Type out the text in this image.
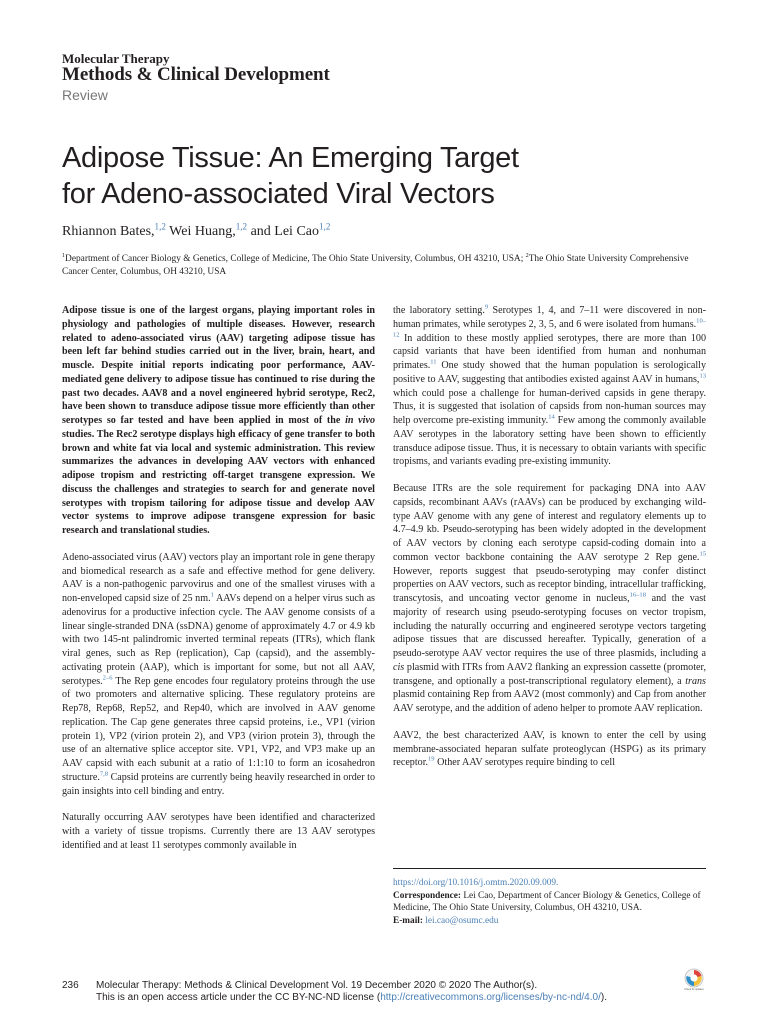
Molecular Therapy
Methods & Clinical Development
Review
Adipose Tissue: An Emerging Target
for Adeno-associated Viral Vectors
Rhiannon Bates,$^{1,2}$ Wei Huang,$^{1,2}$ and Lei Cao$^{1,2}$
$^1$Department of Cancer Biology & Genetics, College of Medicine, The Ohio State University, Columbus, OH 43210, USA; $^2$The Ohio State University Comprehensive Cancer Center, Columbus, OH 43210, USA

Adipose tissue is one of the largest organs, playing important roles in physiology and pathologies of multiple diseases. However, research related to adeno-associated virus (AAV) targeting adipose tissue has been left far behind studies carried out in the liver, brain, heart, and muscle. Despite initial reports indicating poor performance, AAV-mediated gene delivery to adipose tissue has continued to rise during the past two decades. AAV8 and a novel engineered hybrid serotype, Rec2, have been shown to transduce adipose tissue more efficiently than other serotypes so far tested and have been applied in most of the in vivo studies. The Rec2 serotype displays high efficacy of gene transfer to both brown and white fat via local and systemic administration. This review summarizes the advances in developing AAV vectors with enhanced adipose tropism and restricting off-target transgene expression. We discuss the challenges and strategies to search for and generate novel serotypes with tropism tailoring for adipose tissue and develop AAV vector systems to improve adipose transgene expression for basic research and translational studies.

Adeno-associated virus (AAV) vectors play an important role in gene therapy and biomedical research as a safe and effective method for gene delivery. AAV is a non-pathogenic parvovirus and one of the smallest viruses with a non-enveloped capsid size of 25 nm.$^1$ AAVs depend on a helper virus such as adenovirus for a productive infection cycle. The AAV genome consists of a linear single-stranded DNA (ssDNA) genome of approximately 4.7 or 4.9 kb with two 145-nt palindromic inverted terminal repeats (ITRs), which flank viral genes, such as Rep (replication), Cap (capsid), and the assembly-activating protein (AAP), which is important for some, but not all AAV, serotypes.$^{2-6}$ The Rep gene encodes four regulatory proteins through the use of two promoters and alternative splicing. These regulatory proteins are Rep78, Rep68, Rep52, and Rep40, which are involved in AAV genome replication. The Cap gene generates three capsid proteins, i.e., VP1 (virion protein 1), VP2 (virion protein 2), and VP3 (virion protein 3), through the use of an alternative splice acceptor site. VP1, VP2, and VP3 make up an AAV capsid with each subunit at a ratio of 1:1:10 to form an icosahedron structure.$^{7,8}$ Capsid proteins are currently being heavily researched in order to gain insights into cell binding and entry.

Naturally occurring AAV serotypes have been identified and characterized with a variety of tissue tropisms. Currently there are 13 AAV serotypes identified and at least 11 serotypes commonly available in

the laboratory setting.$^9$ Serotypes 1, 4, and 7–11 were discovered in non-human primates, while serotypes 2, 3, 5, and 6 were isolated from humans.$^{10-12}$ In addition to these mostly applied serotypes, there are more than 100 capsid variants that have been identified from human and nonhuman primates.$^{11}$ One study showed that the human population is serologically positive to AAV, suggesting that antibodies existed against AAV in humans,$^{13}$ which could pose a challenge for human-derived capsids in gene therapy. Thus, it is suggested that isolation of capsids from non-human sources may help overcome pre-existing immunity.$^{14}$ Few among the commonly available AAV serotypes in the laboratory setting have been shown to efficiently transduce adipose tissue. Thus, it is necessary to obtain variants with specific tropisms, and variants evading pre-existing immunity.

Because ITRs are the sole requirement for packaging DNA into AAV capsids, recombinant AAVs (rAAVs) can be produced by exchanging wild-type AAV genome with any gene of interest and regulatory elements up to 4.7–4.9 kb. Pseudo-serotyping has been widely adopted in the development of AAV vectors by cloning each serotype capsid-coding domain into a common vector backbone containing the AAV serotype 2 Rep gene.$^{15}$ However, reports suggest that pseudo-serotyping may confer distinct properties on AAV vectors, such as receptor binding, intracellular trafficking, transcytosis, and uncoating vector genome in nucleus,$^{16-18}$ and the vast majority of research using pseudo-serotyping focuses on vector tropism, including the naturally occurring and engineered serotype vectors targeting adipose tissues that are discussed hereafter. Typically, generation of a pseudo-serotype AAV vector requires the use of three plasmids, including a cis plasmid with ITRs from AAV2 flanking an expression cassette (promoter, transgene, and optionally a post-transcriptional regulatory element), a trans plasmid containing Rep from AAV2 (most commonly) and Cap from another AAV serotype, and the addition of adeno helper to promote AAV replication.

AAV2, the best characterized AAV, is known to enter the cell by using membrane-associated heparan sulfate proteoglycan (HSPG) as its primary receptor.$^{19}$ Other AAV serotypes require binding to cell

https://doi.org/10.1016/j.omtm.2020.09.009.
Correspondence: Lei Cao, Department of Cancer Biology & Genetics, College of Medicine, The Ohio State University, Columbus, OH 43210, USA.
E-mail: lei.cao@osumc.edu
236 Molecular Therapy: Methods & Clinical Development Vol. 19 December 2020 © 2020 The Author(s).
This is an open access article under the CC BY-NC-ND license (http://creativecommons.org/licenses/by-nc-nd/4.0/).
Check for updates
